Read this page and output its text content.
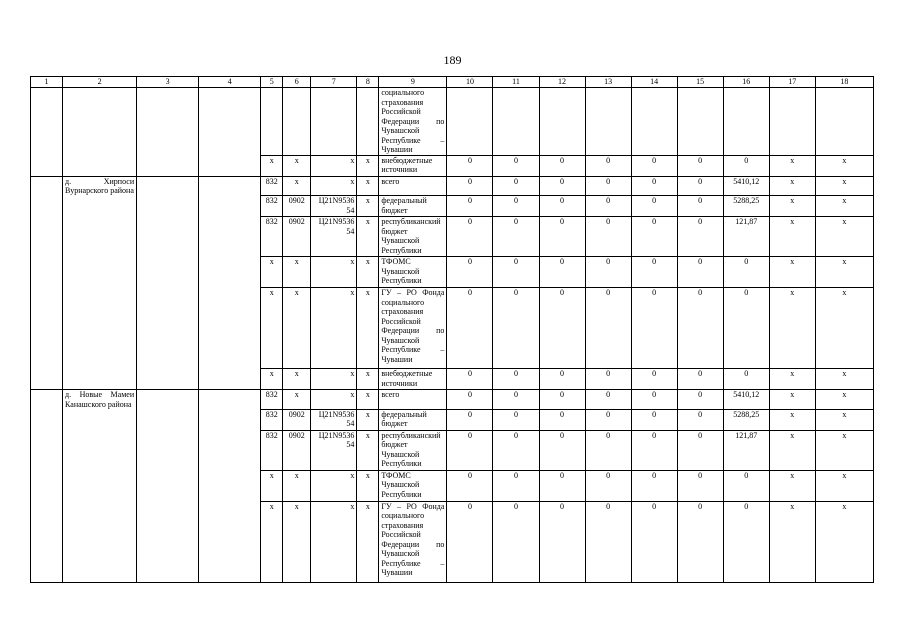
189
1	2	3	4	5	6	7	8	9	10	11	12	13	14	15	16	17	18
								социального страхования Российской Федерации по Чувашской Республике – Чувашии									
				x	x	x	x	внебюджетные источники	0	0	0	0	0	0	0	x	x
	д. Хирпоси Вурнарского района			832	x	x	x	всего	0	0	0	0	0	0	5410,12	x	x
				832	0902	Ц21N9536 54	x	федеральный бюджет	0	0	0	0	0	0	5288,25	x	x
				832	0902	Ц21N9536 54	x	республиканский бюджет Чувашской Республики	0	0	0	0	0	0	121,87	x	x
				x	x	x	x	ТФОМС Чувашской Республики	0	0	0	0	0	0	0	x	x
				x	x	x	x	ГУ – РО Фонда социального страхования Российской Федерации по Чувашской Республике – Чувашии	0	0	0	0	0	0	0	x	x
				x	x	x	x	внебюджетные источники	0	0	0	0	0	0	0	x	x
	д. Новые Мамеи Канашского района			832	x	x	x	всего	0	0	0	0	0	0	5410,12	x	x
				832	0902	Ц21N9536 54	x	федеральный бюджет	0	0	0	0	0	0	5288,25	x	x
				832	0902	Ц21N9536 54	x	республиканский бюджет Чувашской Республики	0	0	0	0	0	0	121,87	x	x
				x	x	x	x	ТФОМС Чувашской Республики	0	0	0	0	0	0	0	x	x
				x	x	x	x	ГУ – РО Фонда социального страхования Российской Федерации по Чувашской Республике – Чувашии	0	0	0	0	0	0	0	x	x
